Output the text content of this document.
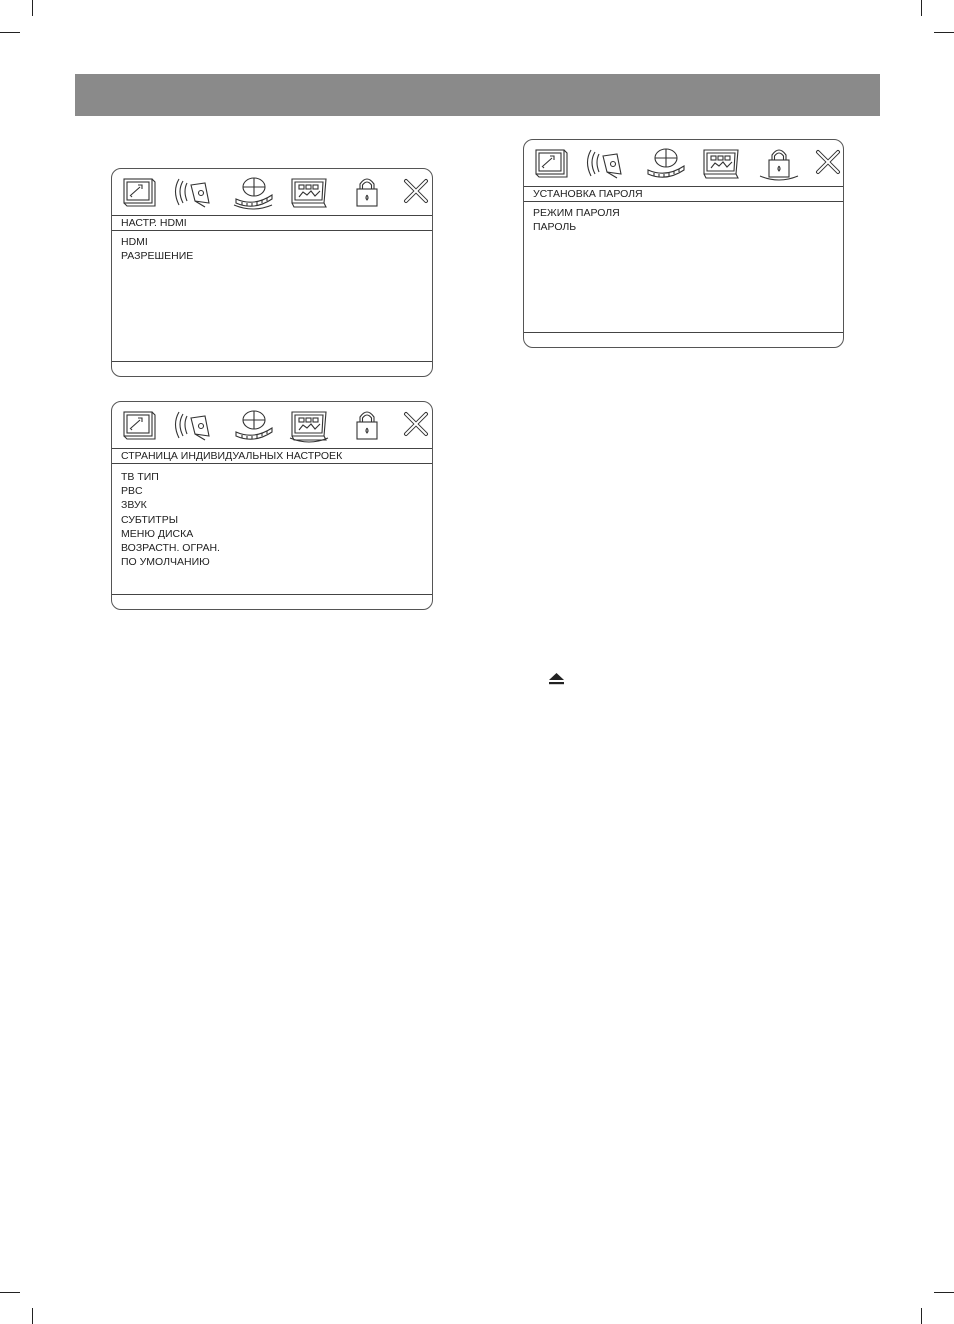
НАСТР. HDMI
HDMI
РАЗРЕШЕНИЕ
СТРАНИЦА ИНДИВИДУАЛЬНЫХ НАСТРОЕК
ТВ ТИП
PBC
ЗВУК
СУБТИТРЫ
МЕНЮ ДИСКА
ВОЗРАСТН. ОГРАН.
ПО УМОЛЧАНИЮ
УСТАНОВКА ПАРОЛЯ
РЕЖИМ ПАРОЛЯ
ПАРОЛЬ
